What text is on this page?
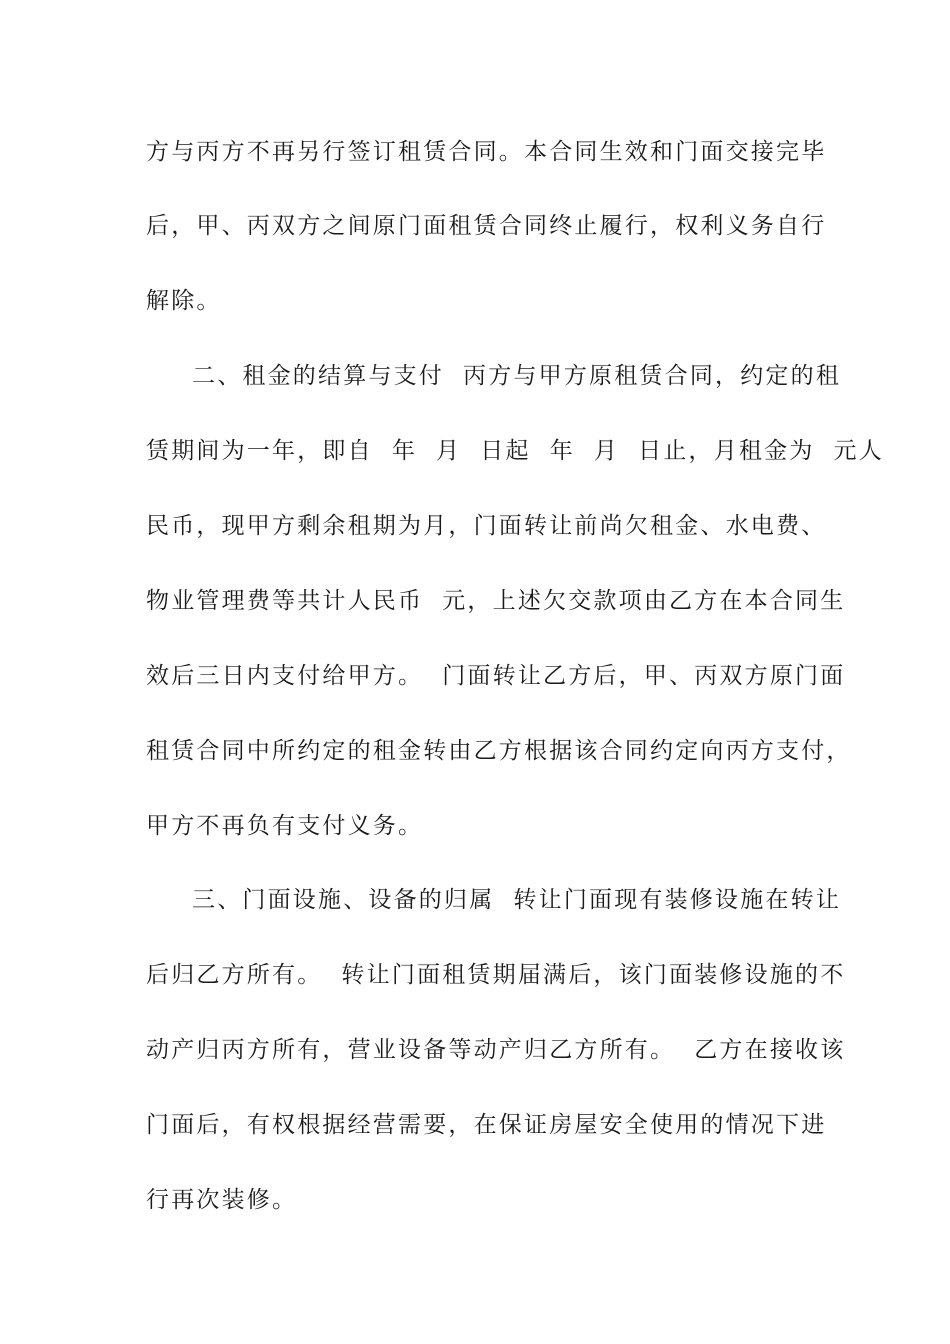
方与丙方不再另行签订租赁合同。本合同生效和门面交接完毕

后，甲、丙双方之间原门面租赁合同终止履行，权利义务自行

解除。

二、租金的结算与支付  丙方与甲方原租赁合同，约定的租

赁期间为一年，即自  年  月  日起  年  月  日止，月租金为  元人

民币，现甲方剩余租期为月，门面转让前尚欠租金、水电费、

物业管理费等共计人民币  元，上述欠交款项由乙方在本合同生

效后三日内支付给甲方。  门面转让乙方后，甲、丙双方原门面

租赁合同中所约定的租金转由乙方根据该合同约定向丙方支付，

甲方不再负有支付义务。

三、门面设施、设备的归属  转让门面现有装修设施在转让

后归乙方所有。  转让门面租赁期届满后，该门面装修设施的不

动产归丙方所有，营业设备等动产归乙方所有。  乙方在接收该

门面后，有权根据经营需要，在保证房屋安全使用的情况下进

行再次装修。
